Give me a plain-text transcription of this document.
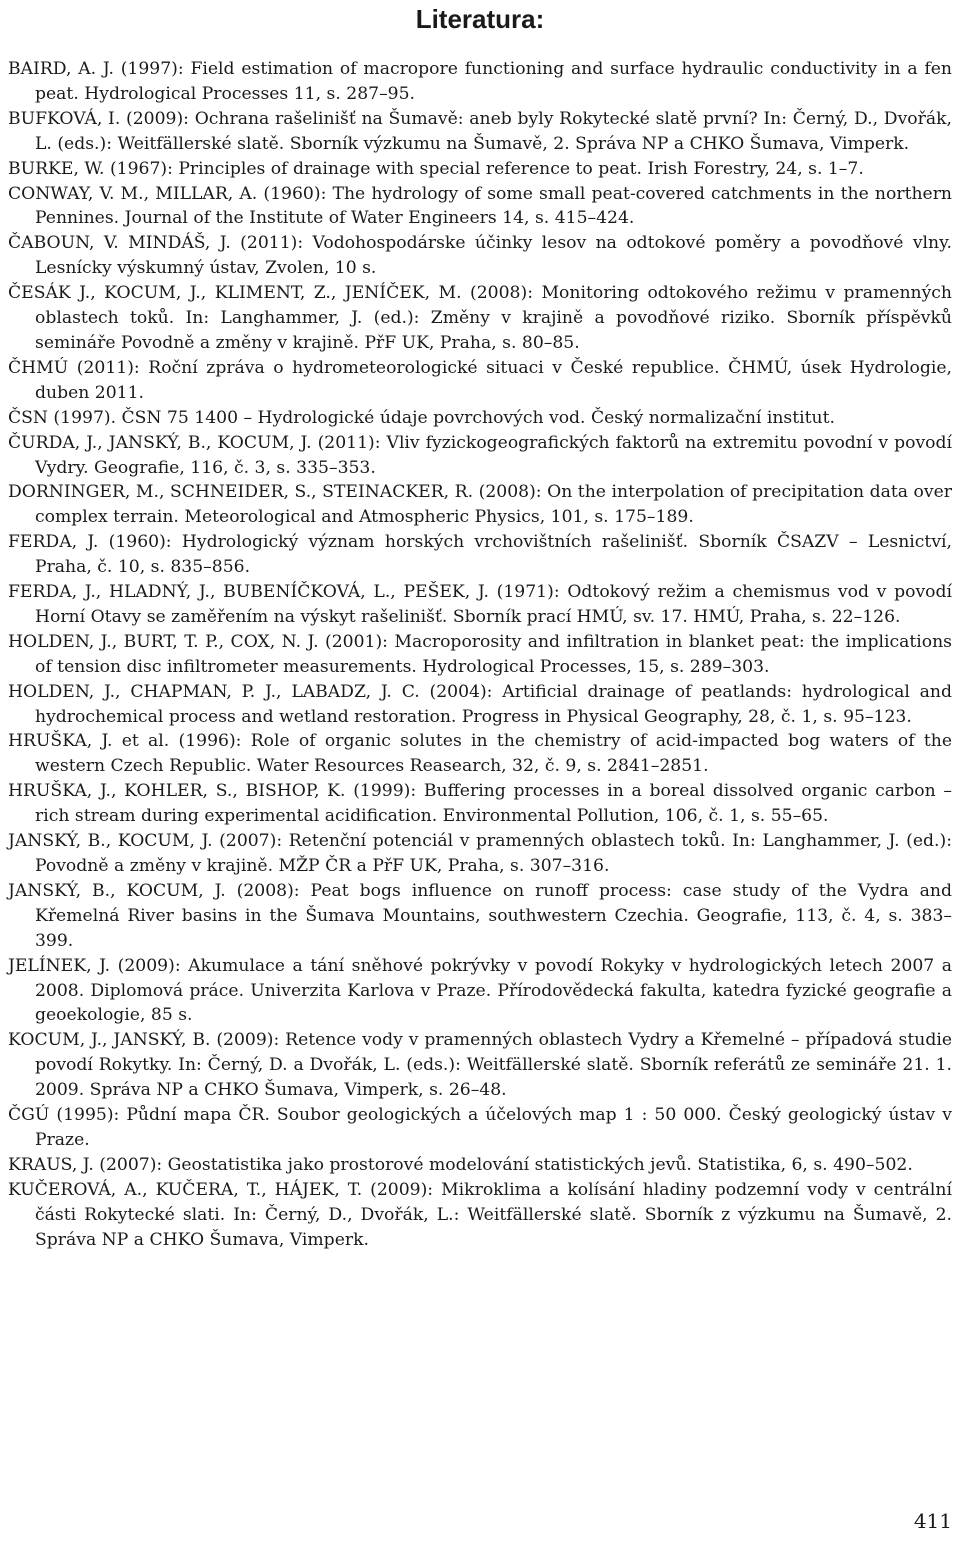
Literatura:
BAIRD, A. J. (1997): Field estimation of macropore functioning and surface hydraulic conductivity in a fen peat. Hydrological Processes 11, s. 287–95.
BUFKOVÁ, I. (2009): Ochrana rašelinišť na Šumavě: aneb byly Rokytecké slatě první? In: Černý, D., Dvořák, L. (eds.): Weitfällerské slatě. Sborník výzkumu na Šumavě, 2. Správa NP a CHKO Šumava, Vimperk.
BURKE, W. (1967): Principles of drainage with special reference to peat. Irish Forestry, 24, s. 1–7.
CONWAY, V. M., MILLAR, A. (1960): The hydrology of some small peat-covered catchments in the northern Pennines. Journal of the Institute of Water Engineers 14, s. 415–424.
ČABOUN, V. MINDÁŠ, J. (2011): Vodohospodárske účinky lesov na odtokové poměry a povodňové vlny. Lesnícky výskumný ústav, Zvolen, 10 s.
ČESÁK J., KOCUM, J., KLIMENT, Z., JENÍČEK, M. (2008): Monitoring odtokového režimu v pramenných oblastech toků. In: Langhammer, J. (ed.): Změny v krajině a povodňové riziko. Sborník příspěvků semináře Povodně a změny v krajině. PřF UK, Praha, s. 80–85.
ČHMÚ (2011): Roční zpráva o hydrometeorologické situaci v České republice. ČHMÚ, úsek Hydrologie, duben 2011.
ČSN (1997). ČSN 75 1400 – Hydrologické údaje povrchových vod. Český normalizační institut.
ČURDA, J., JANSKÝ, B., KOCUM, J. (2011): Vliv fyzickogeografických faktorů na extremitu povodní v povodí Vydry. Geografie, 116, č. 3, s. 335–353.
DORNINGER, M., SCHNEIDER, S., STEINACKER, R. (2008): On the interpolation of precipitation data over complex terrain. Meteorological and Atmospheric Physics, 101, s. 175–189.
FERDA, J. (1960): Hydrologický význam horských vrchovištních rašelinišť. Sborník ČSAZV – Lesnictví, Praha, č. 10, s. 835–856.
FERDA, J., HLADNÝ, J., BUBENÍČKOVÁ, L., PEŠEK, J. (1971): Odtokový režim a chemismus vod v povodí Horní Otavy se zaměřením na výskyt rašelinišť. Sborník prací HMÚ, sv. 17. HMÚ, Praha, s. 22–126.
HOLDEN, J., BURT, T. P., COX, N. J. (2001): Macroporosity and infiltration in blanket peat: the implications of tension disc infiltrometer measurements. Hydrological Processes, 15, s. 289–303.
HOLDEN, J., CHAPMAN, P. J., LABADZ, J. C. (2004): Artificial drainage of peatlands: hydrological and hydrochemical process and wetland restoration. Progress in Physical Geography, 28, č. 1, s. 95–123.
HRUŠKA, J. et al. (1996): Role of organic solutes in the chemistry of acid-impacted bog waters of the western Czech Republic. Water Resources Reasearch, 32, č. 9, s. 2841–2851.
HRUŠKA, J., KOHLER, S., BISHOP, K. (1999): Buffering processes in a boreal dissolved organic carbon – rich stream during experimental acidification. Environmental Pollution, 106, č. 1, s. 55–65.
JANSKÝ, B., KOCUM, J. (2007): Retenční potenciál v pramenných oblastech toků. In: Langhammer, J. (ed.): Povodně a změny v krajině. MŽP ČR a PřF UK, Praha, s. 307–316.
JANSKÝ, B., KOCUM, J. (2008): Peat bogs influence on runoff process: case study of the Vydra and Křemelná River basins in the Šumava Mountains, southwestern Czechia. Geografie, 113, č. 4, s. 383–399.
JELÍNEK, J. (2009): Akumulace a tání sněhové pokrývky v povodí Rokyky v hydrologických letech 2007 a 2008. Diplomová práce. Univerzita Karlova v Praze. Přírodovědecká fakulta, katedra fyzické geografie a geoekologie, 85 s.
KOCUM, J., JANSKÝ, B. (2009): Retence vody v pramenných oblastech Vydry a Křemelné – případová studie povodí Rokytky. In: Černý, D. a Dvořák, L. (eds.): Weitfällerské slatě. Sborník referátů ze semináře 21. 1. 2009. Správa NP a CHKO Šumava, Vimperk, s. 26–48.
ČGÚ (1995): Půdní mapa ČR. Soubor geologických a účelových map 1 : 50 000. Český geologický ústav v Praze.
KRAUS, J. (2007): Geostatistika jako prostorové modelování statistických jevů. Statistika, 6, s. 490–502.
KUČEROVÁ, A., KUČERA, T., HÁJEK, T. (2009): Mikroklima a kolísání hladiny podzemní vody v centrální části Rokytecké slati. In: Černý, D., Dvořák, L.: Weitfällerské slatě. Sborník z výzkumu na Šumavě, 2. Správa NP a CHKO Šumava, Vimperk.
411
